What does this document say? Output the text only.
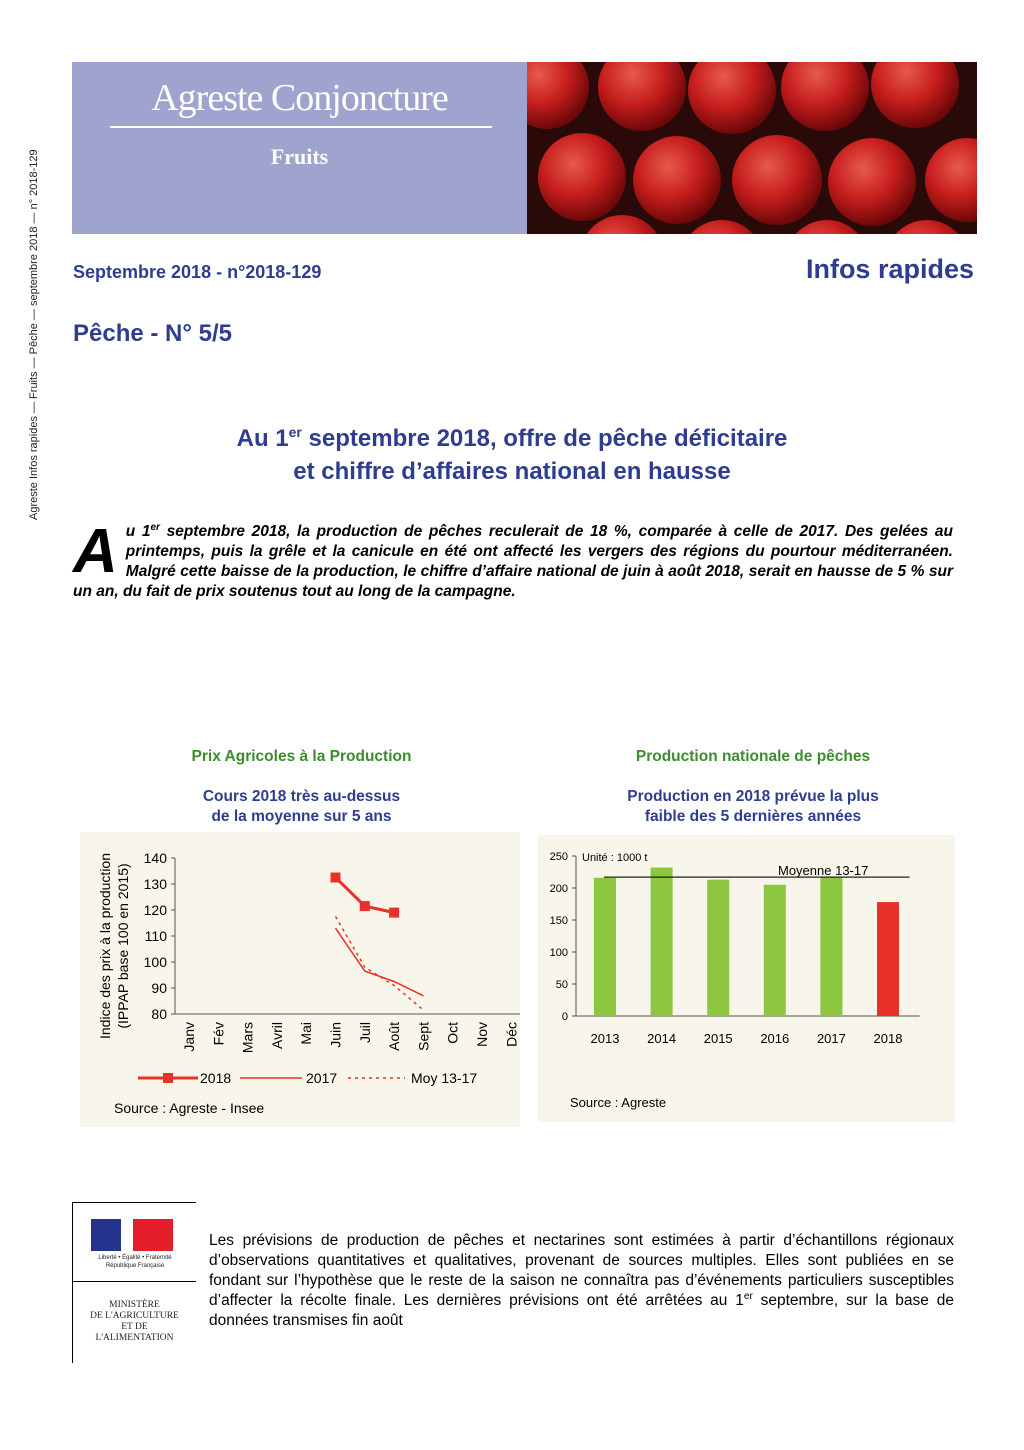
Agreste Infos rapides — Fruits — Pêche — septembre 2018 — n° 2018-129
Agreste Conjoncture
Fruits
Septembre 2018 - n°2018-129	Infos rapides
Pêche - N° 5/5
Au 1er septembre 2018, offre de pêche déficitaire
et chiffre d’affaires national en hausse
Au 1er septembre 2018, la production de pêches reculerait de 18 %, comparée à celle de 2017. Des gelées au printemps, puis la grêle et la canicule en été ont affecté les vergers des régions du pourtour méditerranéen. Malgré cette baisse de la production, le chiffre d’affaire national de juin à août 2018, serait en hausse de 5 % sur un an, du fait de prix soutenus tout au long de la campagne.
Prix Agricoles à la Production
Cours 2018 très au-dessus
de la moyenne sur 5 ans
Production nationale de pêches
Production en 2018 prévue la plus
faible des 5 dernières années
80
90
100
110
120
130
140
Janv Fév Mars Avril Mai Juin Juil Août Sept Oct Nov Déc
Indice des prix à la production (IPPAP base 100 en 2015)
2018	2017	Moy 13-17
Source : Agreste - Insee
0
50
100
150
200
250 Unité : 1000 t
2013 2014 2015 2016 2017 2018
Moyenne 13-17
Source : Agreste
Liberté • Égalité • Fraternité
République Française
MINISTÈRE
DE L'AGRICULTURE
ET DE
L'ALIMENTATION
Les prévisions de production de pêches et nectarines sont estimées à partir d’échantillons régionaux d’observations quantitatives et qualitatives, provenant de sources multiples. Elles sont publiées en se fondant sur l’hypothèse que le reste de la saison ne connaîtra pas d’événements particuliers susceptibles d’affecter la récolte finale. Les dernières prévisions ont été arrêtées au 1er septembre, sur la base de données transmises fin août
